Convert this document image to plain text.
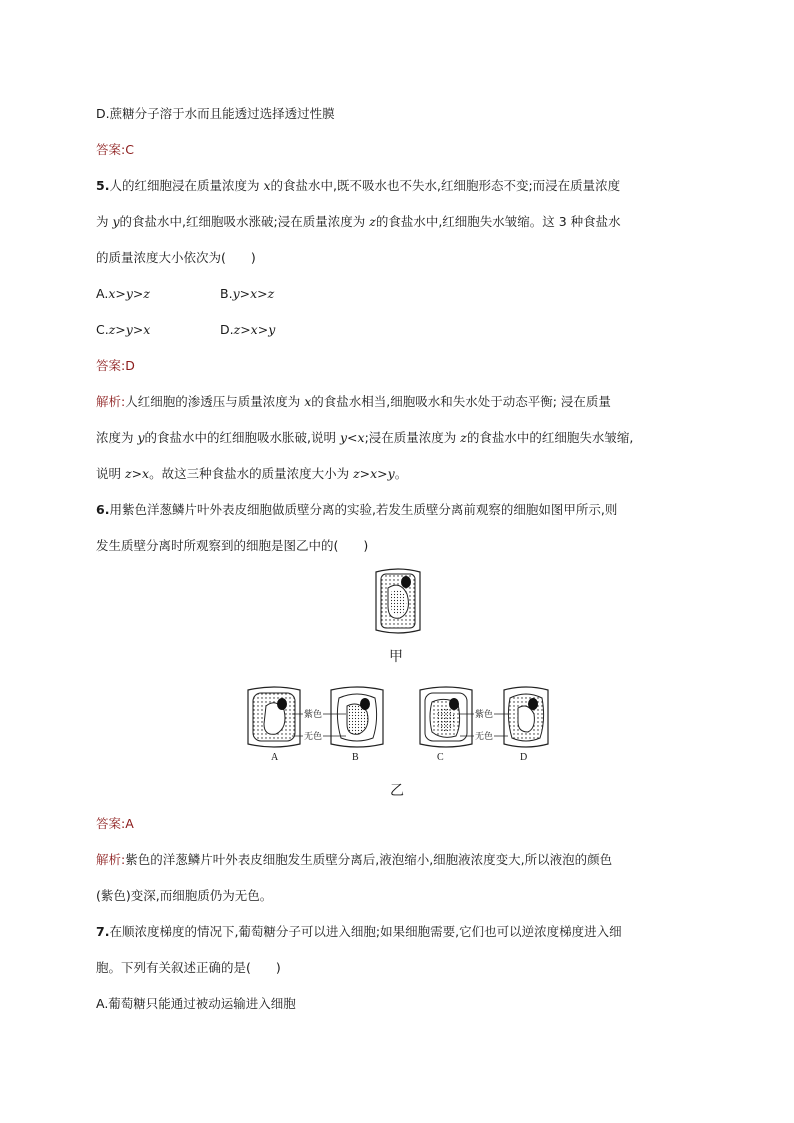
D.蔗糖分子溶于水而且能透过选择透过性膜
答案:C
5.人的红细胞浸在质量浓度为 x的食盐水中,既不吸水也不失水,红细胞形态不变;而浸在质量浓度
为 y的食盐水中,红细胞吸水涨破;浸在质量浓度为 z的食盐水中,红细胞失水皱缩。这 3 种食盐水
的质量浓度大小依次为(　　)
A.x>y>z	B.y>x>z
C.z>y>x	D.z>x>y
答案:D
解析:人红细胞的渗透压与质量浓度为 x的食盐水相当,细胞吸水和失水处于动态平衡; 浸在质量
浓度为 y的食盐水中的红细胞吸水胀破,说明 y<x;浸在质量浓度为 z的食盐水中的红细胞失水皱缩,
说明 z>x。故这三种食盐水的质量浓度大小为 z>x>y。
6.用紫色洋葱鳞片叶外表皮细胞做质壁分离的实验,若发生质壁分离前观察的细胞如图甲所示,则
发生质壁分离时所观察到的细胞是图乙中的(　　)
甲
紫色
无色
紫色
无色
A	B	C	D
乙
答案:A
解析:紫色的洋葱鳞片叶外表皮细胞发生质壁分离后,液泡缩小,细胞液浓度变大,所以液泡的颜色
(紫色)变深,而细胞质仍为无色。
7.在顺浓度梯度的情况下,葡萄糖分子可以进入细胞;如果细胞需要,它们也可以逆浓度梯度进入细
胞。下列有关叙述正确的是(　　)
A.葡萄糖只能通过被动运输进入细胞
